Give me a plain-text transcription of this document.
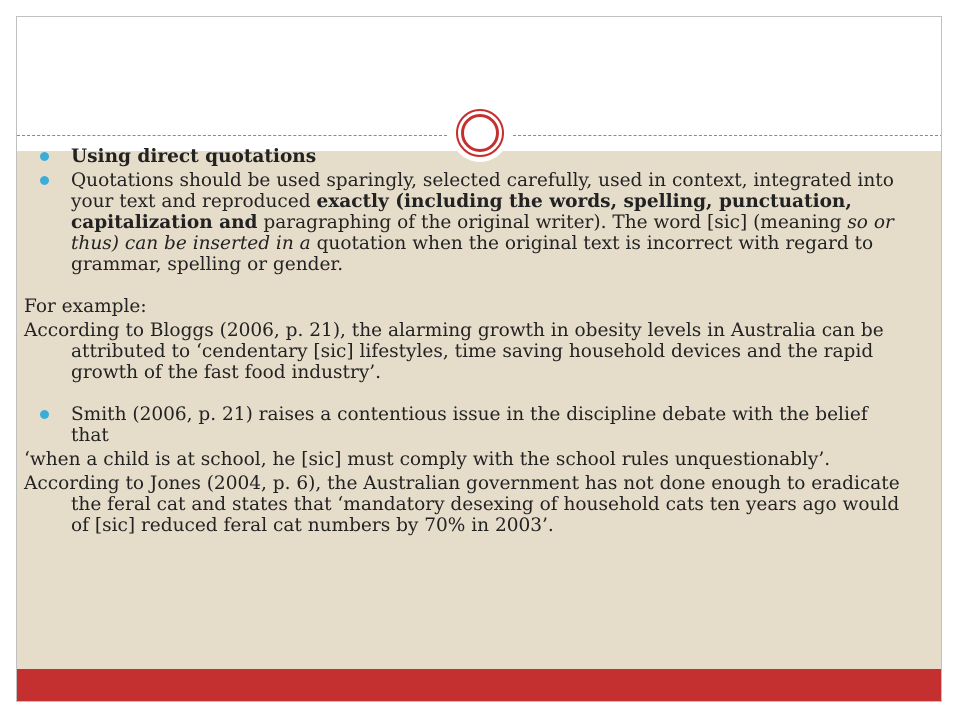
Using direct quotations

Quotations should be used sparingly, selected carefully, used in context, integrated into your text and reproduced exactly (including the words, spelling, punctuation, capitalization and paragraphing of the original writer). The word [sic] (meaning so or thus) can be inserted in a quotation when the original text is incorrect with regard to grammar, spelling or gender.

For example:

According to Bloggs (2006, p. 21), the alarming growth in obesity levels in Australia can be attributed to ‘cendentary [sic] lifestyles, time saving household devices and the rapid growth of the fast food industry’.

Smith (2006, p. 21) raises a contentious issue in the discipline debate with the belief that

‘when a child is at school, he [sic] must comply with the school rules unquestionably’.

According to Jones (2004, p. 6), the Australian government has not done enough to eradicate the feral cat and states that ‘mandatory desexing of household cats ten years ago would of [sic] reduced feral cat numbers by 70% in 2003’.
